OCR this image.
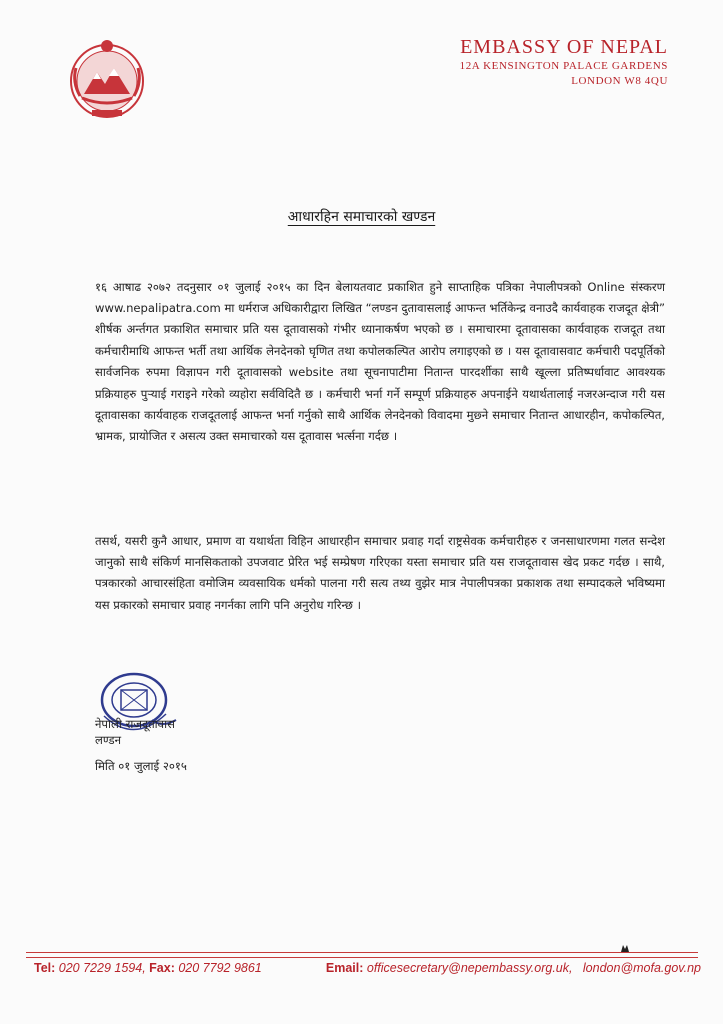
EMBASSY OF NEPAL
12A KENSINGTON PALACE GARDENS
LONDON W8 4QU
आधारहिन समाचारको खण्डन

१६ आषाढ २०७२ तदनुसार ०१ जुलाई २०१५ का दिन बेलायतवाट प्रकाशित हुने साप्ताहिक पत्रिका नेपालीपत्रको Online संस्करण www.nepalipatra.com मा धर्मराज अधिकारीद्वारा लिखित “लण्डन दुतावासलाई आफन्त भर्तिकेन्द्र वनाउदै कार्यवाहक राजदूत क्षेत्री” शीर्षक अर्न्तगत प्रकाशित समाचार प्रति यस दूतावासको गंभीर ध्यानाकर्षण भएको छ । समाचारमा दूतावासका कार्यवाहक राजदूत तथा कर्मचारीमाथि आफन्त भर्ती तथा आर्थिक लेनदेनको घृणित तथा कपोलकल्पित आरोप लगाइएको छ । यस दूतावासवाट कर्मचारी पदपूर्तिको सार्वजनिक रुपमा विज्ञापन गरी दूतावासको website तथा सूचनापाटीमा नितान्त पारदर्शीका साथै खूल्ला प्रतिष्पर्धावाट आवश्यक प्रक्रियाहरु पुर्‍याई गराइने गरेको व्यहोरा सर्वविदितै छ । कर्मचारी भर्ना गर्ने सम्पूर्ण प्रक्रियाहरु अपनाईने यथार्थतालाई नजरअन्दाज गरी यस दूतावासका कार्यवाहक राजदूतलाई आफन्त भर्ना गर्नुको साथै आर्थिक लेनदेनको विवादमा मुछ्ने समाचार नितान्त आधारहीन, कपोकल्पित, भ्रामक, प्रायोजित र असत्य उक्त समाचारको यस दूतावास भर्त्सना गर्दछ ।

तसर्थ, यसरी कुनै आधार, प्रमाण वा यथार्थता विहिन आधारहीन समाचार प्रवाह गर्दा राष्ट्रसेवक कर्मचारीहरु र जनसाधारणमा गलत सन्देश जानुको साथै संकिर्ण मानसिकताको उपजवाट प्रेरित भई सम्प्रेषण गरिएका यस्ता समाचार प्रति यस राजदूतावास खेद प्रकट गर्दछ । साथै, पत्रकारको आचारसंहिता वमोजिम व्यवसायिक धर्मको पालना गरी सत्य तथ्य वुझेर मात्र नेपालीपत्रका प्रकाशक तथा सम्पादकले भविष्यमा यस प्रकारको समाचार प्रवाह नगर्नका लागि पनि अनुरोध गरिन्छ ।

नेपाली राजदूतावास
लण्डन
मिति ०१ जुलाई २०१५
Tel: 020 7229 1594, Fax: 020 7792 9861	Email: officesecretary@nepembassy.org.uk, london@mofa.gov.np
